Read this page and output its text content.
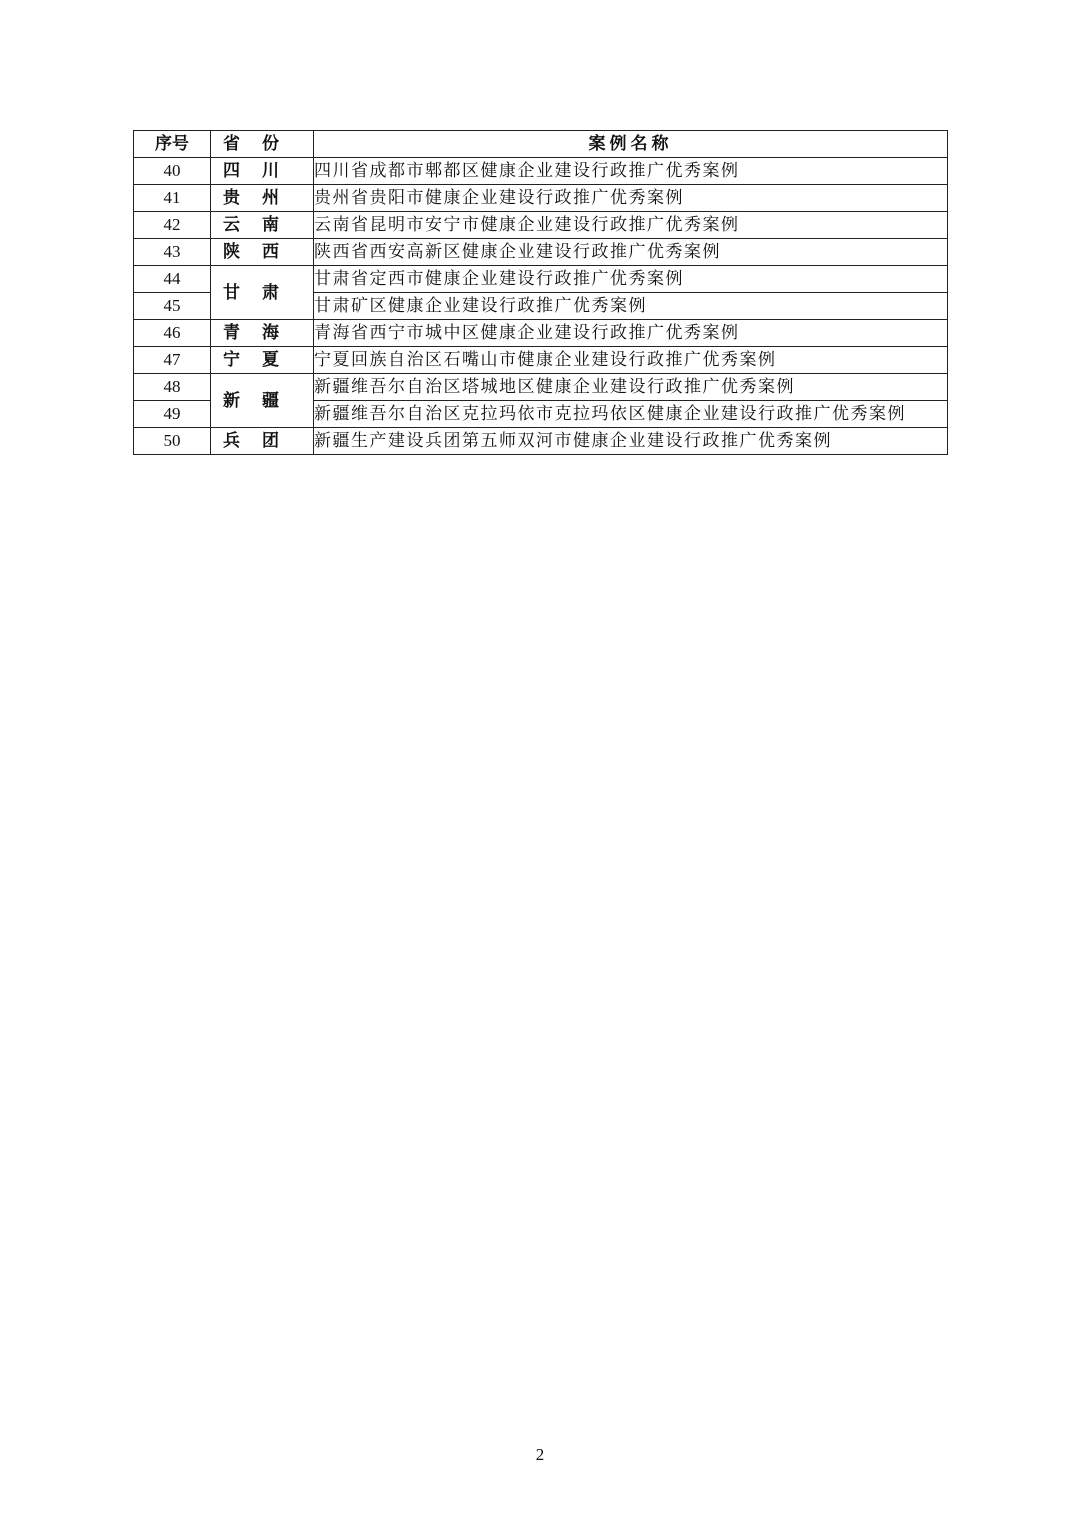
序号	省份	案例名称
40	四川	四川省成都市郫都区健康企业建设行政推广优秀案例
41	贵州	贵州省贵阳市健康企业建设行政推广优秀案例
42	云南	云南省昆明市安宁市健康企业建设行政推广优秀案例
43	陕西	陕西省西安高新区健康企业建设行政推广优秀案例
44	甘肃	甘肃省定西市健康企业建设行政推广优秀案例
45		甘肃矿区健康企业建设行政推广优秀案例
46	青海	青海省西宁市城中区健康企业建设行政推广优秀案例
47	宁夏	宁夏回族自治区石嘴山市健康企业建设行政推广优秀案例
48	新疆	新疆维吾尔自治区塔城地区健康企业建设行政推广优秀案例
49		新疆维吾尔自治区克拉玛依市克拉玛依区健康企业建设行政推广优秀案例
50	兵团	新疆生产建设兵团第五师双河市健康企业建设行政推广优秀案例
2
